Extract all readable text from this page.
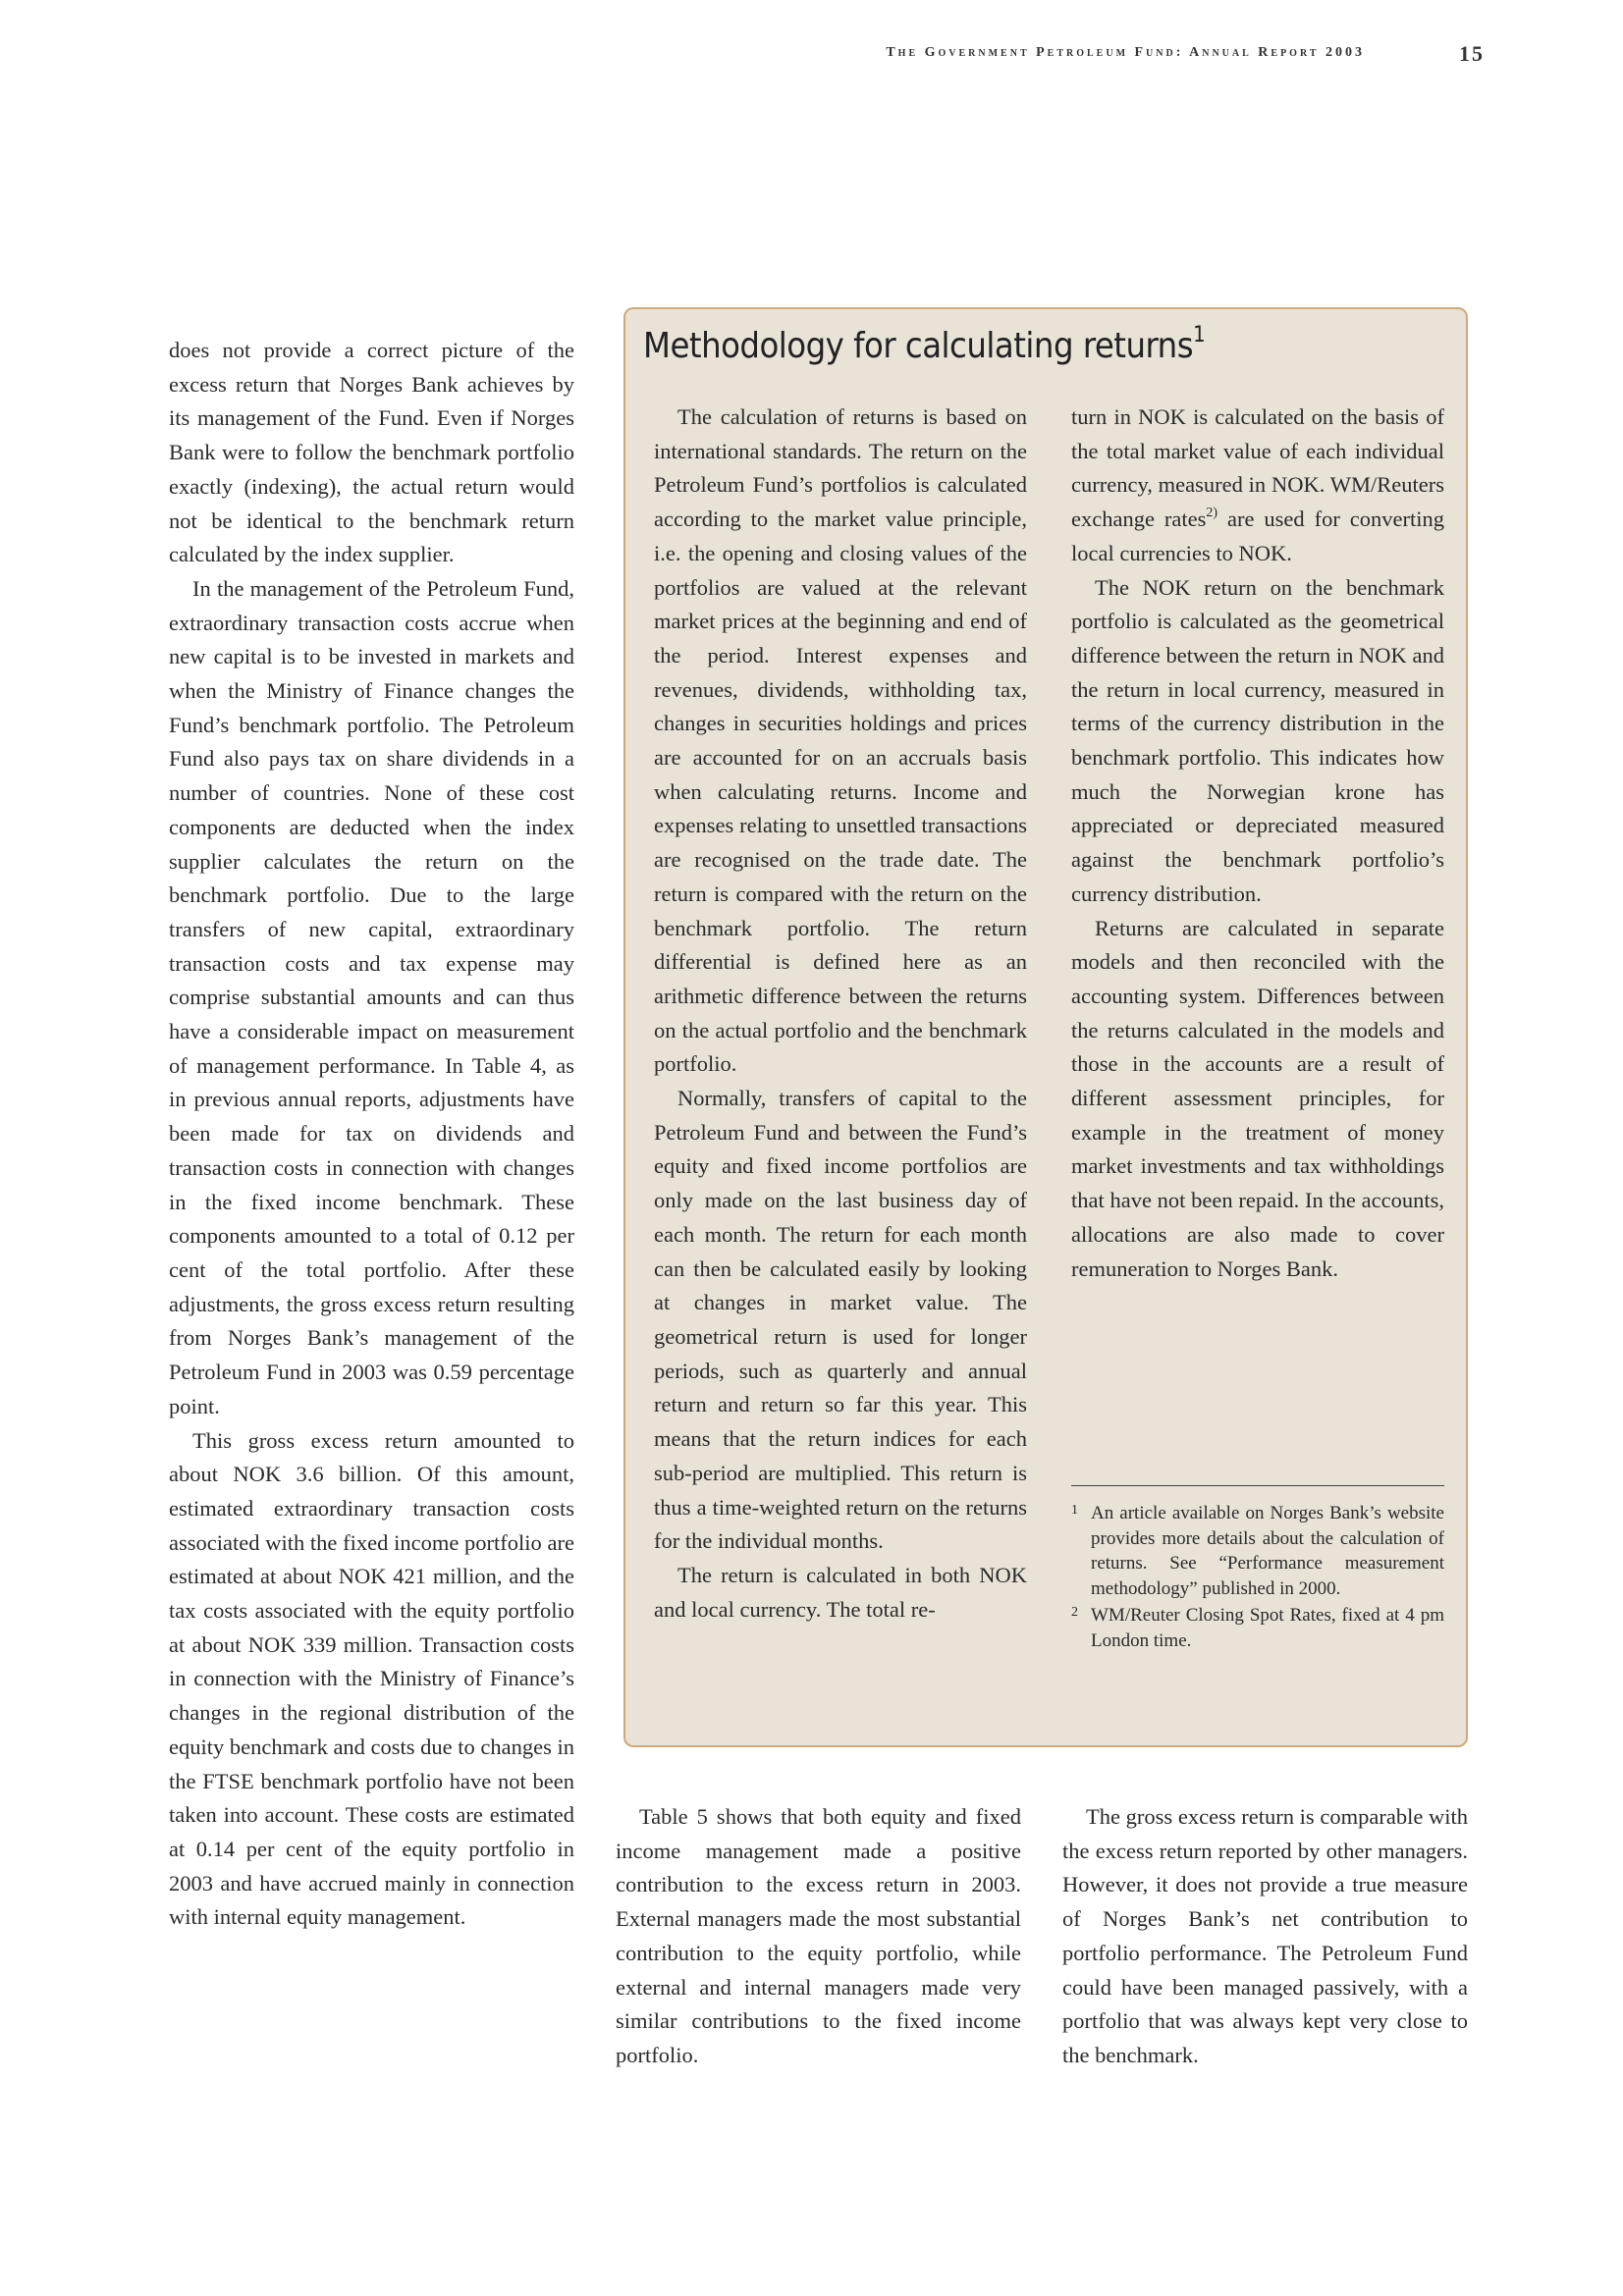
The Government Petroleum Fund: Annual Report 2003	15

does not provide a correct picture of the excess return that Norges Bank achieves by its management of the Fund. Even if Norges Bank were to follow the benchmark portfolio exactly (indexing), the actual return would not be identical to the benchmark return calculated by the index supplier.

In the management of the Petroleum Fund, extraordinary transaction costs accrue when new capital is to be invested in markets and when the Ministry of Finance changes the Fund’s benchmark portfolio. The Petroleum Fund also pays tax on share dividends in a number of countries. None of these cost components are deducted when the index supplier calculates the return on the benchmark portfolio. Due to the large transfers of new capital, extraordinary transaction costs and tax expense may comprise substantial amounts and can thus have a considerable impact on measurement of management performance. In Table 4, as in previous annual reports, adjustments have been made for tax on dividends and transaction costs in connection with changes in the fixed income benchmark. These components amounted to a total of 0.12 per cent of the total portfolio. After these adjustments, the gross excess return resulting from Norges Bank’s management of the Petroleum Fund in 2003 was 0.59 percentage point.

This gross excess return amounted to about NOK 3.6 billion. Of this amount, estimated extraordinary transaction costs associated with the fixed income portfolio are estimated at about NOK 421 million, and the tax costs associated with the equity portfolio at about NOK 339 million. Transaction costs in connection with the Ministry of Finance’s changes in the regional distribution of the equity benchmark and costs due to changes in the FTSE benchmark portfolio have not been taken into account. These costs are estimated at 0.14 per cent of the equity portfolio in 2003 and have accrued mainly in connection with internal equity management.

Methodology for calculating returns$^1$

The calculation of returns is based on international standards. The return on the Petroleum Fund’s portfolios is calculated according to the market value principle, i.e. the opening and closing values of the portfolios are valued at the relevant market prices at the beginning and end of the period. Interest expenses and revenues, dividends, withholding tax, changes in securities holdings and prices are accounted for on an accruals basis when calculating returns. Income and expenses relating to unsettled transactions are recognised on the trade date. The return is compared with the return on the benchmark portfolio. The return differential is defined here as an arithmetic difference between the returns on the actual portfolio and the benchmark portfolio.

Normally, transfers of capital to the Petroleum Fund and between the Fund’s equity and fixed income portfolios are only made on the last business day of each month. The return for each month can then be calculated easily by looking at changes in market value. The geometrical return is used for longer periods, such as quarterly and annual return and return so far this year. This means that the return indices for each sub-period are multiplied. This return is thus a time-weighted return on the returns for the individual months.

The return is calculated in both NOK and local currency. The total re-

turn in NOK is calculated on the basis of the total market value of each individual currency, measured in NOK. WM/Reuters exchange rates$^{2)}$ are used for converting local currencies to NOK.

The NOK return on the benchmark portfolio is calculated as the geometrical difference between the return in NOK and the return in local currency, measured in terms of the currency distribution in the benchmark portfolio. This indicates how much the Norwegian krone has appreciated or depreciated measured against the benchmark portfolio’s currency distribution.

Returns are calculated in separate models and then reconciled with the accounting system. Differences between the returns calculated in the models and those in the accounts are a result of different assessment principles, for example in the treatment of money market investments and tax withholdings that have not been repaid. In the accounts, allocations are also made to cover remuneration to Norges Bank.

1 An article available on Norges Bank’s website provides more details about the calculation of returns. See “Performance measurement methodology” published in 2000.
2 WM/Reuter Closing Spot Rates, fixed at 4 pm London time.

Table 5 shows that both equity and fixed income management made a positive contribution to the excess return in 2003. External managers made the most substantial contribution to the equity portfolio, while external and internal managers made very similar contributions to the fixed income portfolio.

The gross excess return is comparable with the excess return reported by other managers. However, it does not provide a true measure of Norges Bank’s net contribution to portfolio performance. The Petroleum Fund could have been managed passively, with a portfolio that was always kept very close to the benchmark.
